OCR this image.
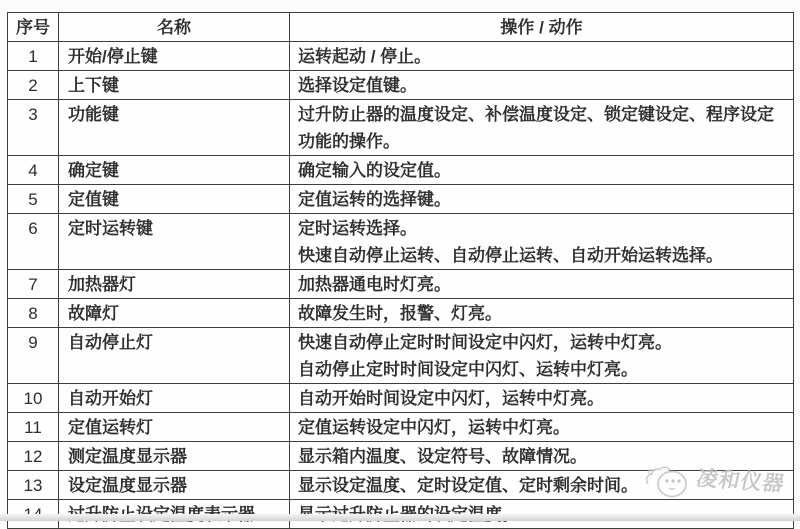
序号	名称	操作 / 动作
1	开始/停止键	运转起动 / 停止。

2	上下键	选择设定值键。

3	功能键	过升防止器的温度设定、补偿温度设定、锁定键设定、程序设定
功能的操作。

4	确定键	确定输入的设定值。

5	定值键	定值运转的选择键。

6	定时运转键	定时运转选择。
快速自动停止运转、自动停止运转、自动开始运转选择。

7	加热器灯	加热器通电时灯亮。

8	故障灯	故障发生时，报警、灯亮。

9	自动停止灯	快速自动停止定时时间设定中闪灯，运转中灯亮。
自动停止定时时间设定中闪灯、运转中灯亮。

10	自动开始灯	自动开始时间设定中闪灯，运转中灯亮。

11	定值运转灯	定值运转设定中闪灯，运转中灯亮。

12	测定温度显示器	显示箱内温度、设定符号、故障情况。

13	设定温度显示器	显示设定温度、定时设定值、定时剩余时间。

			凌和仪器
